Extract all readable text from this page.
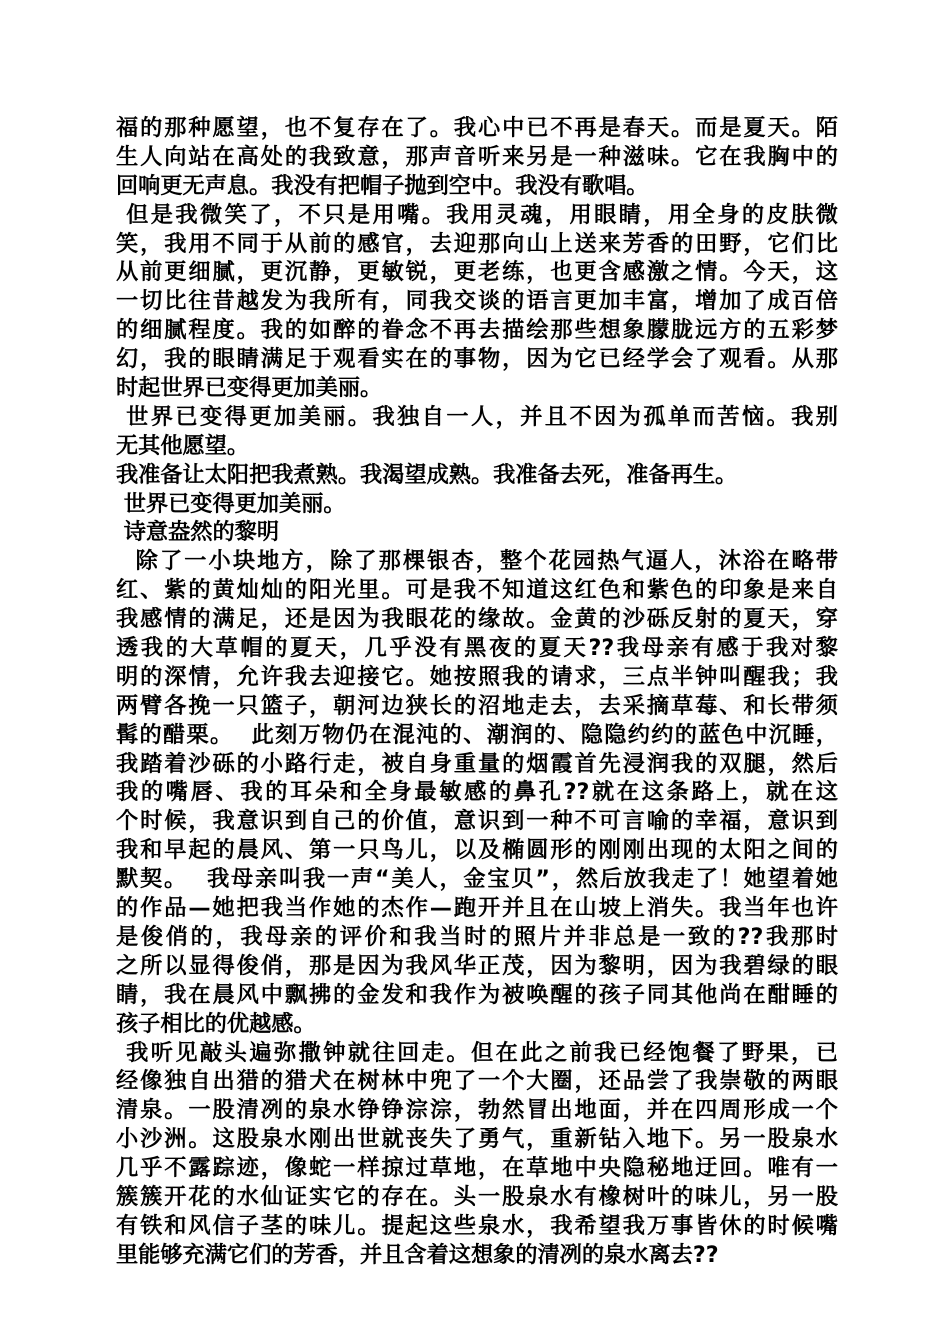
福的那种愿望，也不复存在了。我心中已不再是春天。而是夏天。陌
生人向站在高处的我致意，那声音听来另是一种滋味。它在我胸中的
回响更无声息。我没有把帽子抛到空中。我没有歌唱。
但是我微笑了，不只是用嘴。我用灵魂，用眼睛，用全身的皮肤微
笑，我用不同于从前的感官，去迎那向山上送来芳香的田野，它们比
从前更细腻，更沉静，更敏锐，更老练，也更含感激之情。今天，这
一切比往昔越发为我所有，同我交谈的语言更加丰富，增加了成百倍
的细腻程度。我的如醉的眷念不再去描绘那些想象朦胧远方的五彩梦
幻，我的眼睛满足于观看实在的事物，因为它已经学会了观看。从那
时起世界已变得更加美丽。
世界已变得更加美丽。我独自一人，并且不因为孤单而苦恼。我别
无其他愿望。
我准备让太阳把我煮熟。我渴望成熟。我准备去死，准备再生。
世界已变得更加美丽。
诗意盎然的黎明
除了一小块地方，除了那棵银杏，整个花园热气逼人，沐浴在略带
红、紫的黄灿灿的阳光里。可是我不知道这红色和紫色的印象是来自
我感情的满足，还是因为我眼花的缘故。金黄的沙砾反射的夏天，穿
透我的大草帽的夏天，几乎没有黑夜的夏天??我母亲有感于我对黎
明的深情，允许我去迎接它。她按照我的请求，三点半钟叫醒我；我
两臂各挽一只篮子，朝河边狭长的沼地走去，去采摘草莓、和长带须
髯的醋栗。  此刻万物仍在混沌的、潮润的、隐隐约约的蓝色中沉睡，
我踏着沙砾的小路行走，被自身重量的烟霞首先浸润我的双腿，然后
我的嘴唇、我的耳朵和全身最敏感的鼻孔??就在这条路上，就在这
个时候，我意识到自己的价值，意识到一种不可言喻的幸福，意识到
我和早起的晨风、第一只鸟儿，以及椭圆形的刚刚出现的太阳之间的
默契。  我母亲叫我一声“美人，金宝贝”，然后放我走了！她望着她
的作品—她把我当作她的杰作—跑开并且在山坡上消失。我当年也许
是俊俏的，我母亲的评价和我当时的照片并非总是一致的??我那时
之所以显得俊俏，那是因为我风华正茂，因为黎明，因为我碧绿的眼
睛，我在晨风中飘拂的金发和我作为被唤醒的孩子同其他尚在酣睡的
孩子相比的优越感。
我听见敲头遍弥撒钟就往回走。但在此之前我已经饱餐了野果，已
经像独自出猎的猎犬在树林中兜了一个大圈，还品尝了我崇敬的两眼
清泉。一股清冽的泉水铮铮淙淙，勃然冒出地面，并在四周形成一个
小沙洲。这股泉水刚出世就丧失了勇气，重新钻入地下。另一股泉水
几乎不露踪迹，像蛇一样掠过草地，在草地中央隐秘地迂回。唯有一
簇簇开花的水仙证实它的存在。头一股泉水有橡树叶的味儿，另一股
有铁和风信子茎的味儿。提起这些泉水，我希望我万事皆休的时候嘴
里能够充满它们的芳香，并且含着这想象的清冽的泉水离去??
